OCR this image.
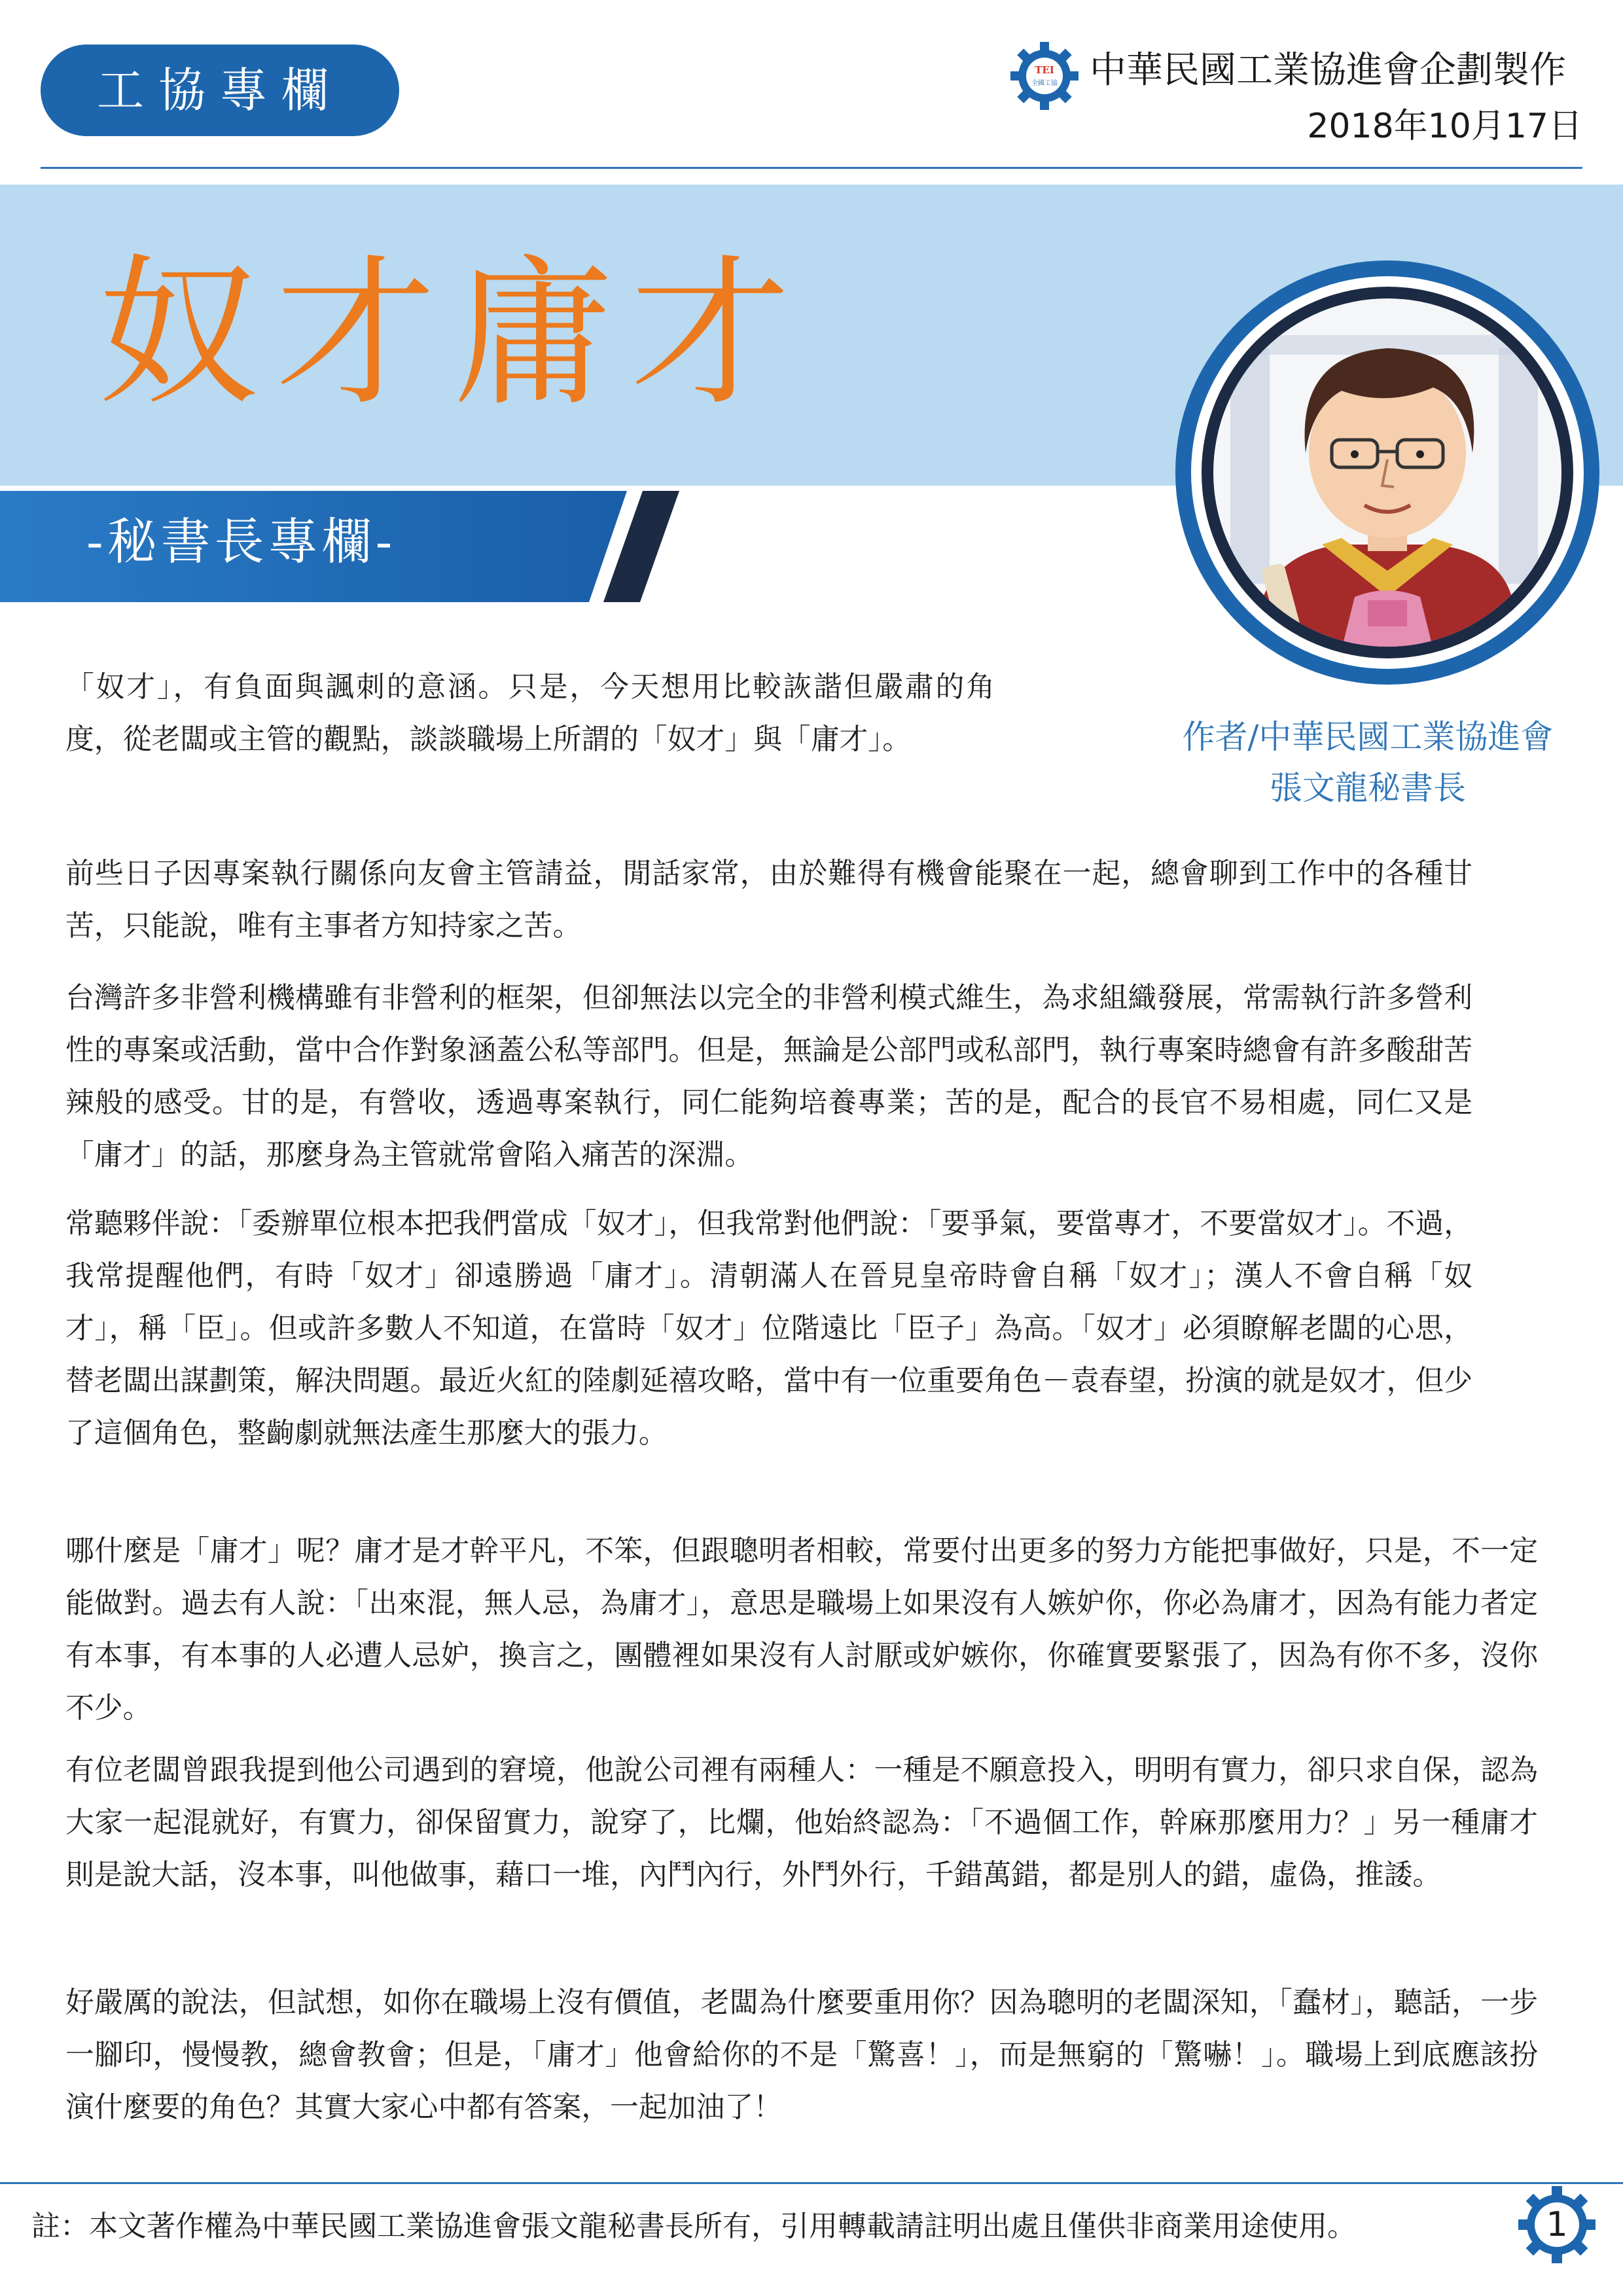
工協專欄	TEI
全國工協 中華民國工業協進會企劃製作
2018年10月17日
奴才庸才
-秘書長專欄-
作者/中華民國工業協進會
張文龍秘書長

「奴才」，有負面與諷刺的意涵。只是，今天想用比較詼諧但嚴肅的角度，從老闆或主管的觀點，談談職場上所謂的「奴才」與「庸才」。

前些日子因專案執行關係向友會主管請益，閒話家常，由於難得有機會能聚在一起，總會聊到工作中的各種甘苦，只能說，唯有主事者方知持家之苦。

台灣許多非營利機構雖有非營利的框架，但卻無法以完全的非營利模式維生，為求組織發展，常需執行許多營利性的專案或活動，當中合作對象涵蓋公私等部門。但是，無論是公部門或私部門，執行專案時總會有許多酸甜苦辣般的感受。甘的是，有營收，透過專案執行，同仁能夠培養專業；苦的是，配合的長官不易相處，同仁又是「庸才」的話，那麼身為主管就常會陷入痛苦的深淵。

常聽夥伴說：「委辦單位根本把我們當成「奴才」，但我常對他們說：「要爭氣，要當專才，不要當奴才」。不過，我常提醒他們，有時「奴才」卻遠勝過「庸才」。清朝滿人在晉見皇帝時會自稱「奴才」；漢人不會自稱「奴才」，稱「臣」。但或許多數人不知道，在當時「奴才」位階遠比「臣子」為高。「奴才」必須瞭解老闆的心思，替老闆出謀劃策，解決問題。最近火紅的陸劇延禧攻略，當中有一位重要角色－袁春望，扮演的就是奴才，但少了這個角色，整齣劇就無法產生那麼大的張力。

哪什麼是「庸才」呢？庸才是才幹平凡，不笨，但跟聰明者相較，常要付出更多的努力方能把事做好，只是，不一定能做對。過去有人說：「出來混，無人忌，為庸才」，意思是職場上如果沒有人嫉妒你，你必為庸才，因為有能力者定有本事，有本事的人必遭人忌妒，換言之，團體裡如果沒有人討厭或妒嫉你，你確實要緊張了，因為有你不多，沒你不少。

有位老闆曾跟我提到他公司遇到的窘境，他說公司裡有兩種人：一種是不願意投入，明明有實力，卻只求自保，認為大家一起混就好，有實力，卻保留實力，說穿了，比爛，他始終認為：「不過個工作，幹麻那麼用力？」另一種庸才則是說大話，沒本事，叫他做事，藉口一堆，內鬥內行，外鬥外行，千錯萬錯，都是別人的錯，虛偽，推諉。

好嚴厲的說法，但試想，如你在職場上沒有價值，老闆為什麼要重用你？因為聰明的老闆深知，「蠢材」，聽話，一步一腳印，慢慢教，總會教會；但是，「庸才」他會給你的不是「驚喜！」，而是無窮的「驚嚇！」。職場上到底應該扮演什麼要的角色？其實大家心中都有答案，一起加油了！

註：本文著作權為中華民國工業協進會張文龍秘書長所有，引用轉載請註明出處且僅供非商業用途使用。	1
